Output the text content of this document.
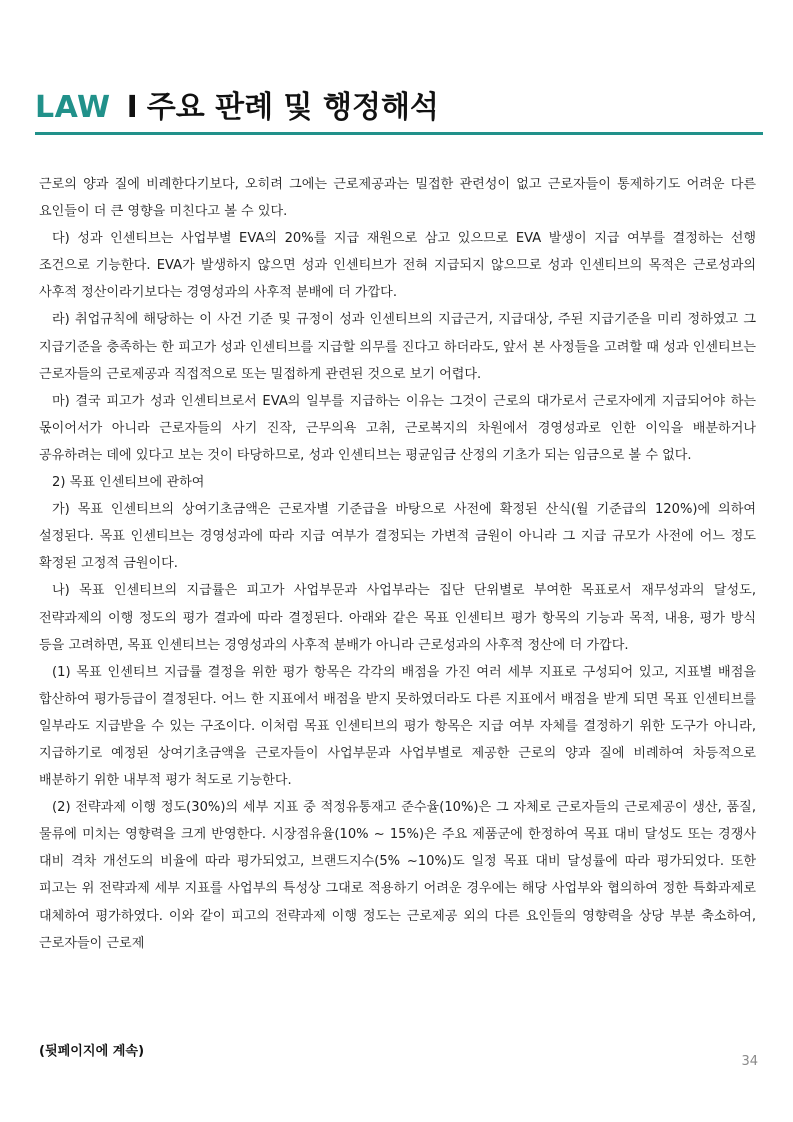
LAW I 주요 판례 및 행정해석

근로의 양과 질에 비례한다기보다, 오히려 그에는 근로제공과는 밀접한 관련성이 없고 근로자들이 통제하기도 어려운 다른 요인들이 더 큰 영향을 미친다고 볼 수 있다.

다) 성과 인센티브는 사업부별 EVA의 20%를 지급 재원으로 삼고 있으므로 EVA 발생이 지급 여부를 결정하는 선행 조건으로 기능한다. EVA가 발생하지 않으면 성과 인센티브가 전혀 지급되지 않으므로 성과 인센티브의 목적은 근로성과의 사후적 정산이라기보다는 경영성과의 사후적 분배에 더 가깝다.

라) 취업규칙에 해당하는 이 사건 기준 및 규정이 성과 인센티브의 지급근거, 지급대상, 주된 지급기준을 미리 정하였고 그 지급기준을 충족하는 한 피고가 성과 인센티브를 지급할 의무를 진다고 하더라도, 앞서 본 사정들을 고려할 때 성과 인센티브는 근로자들의 근로제공과 직접적으로 또는 밀접하게 관련된 것으로 보기 어렵다.

마) 결국 피고가 성과 인센티브로서 EVA의 일부를 지급하는 이유는 그것이 근로의 대가로서 근로자에게 지급되어야 하는 몫이어서가 아니라 근로자들의 사기 진작, 근무의욕 고취, 근로복지의 차원에서 경영성과로 인한 이익을 배분하거나 공유하려는 데에 있다고 보는 것이 타당하므로, 성과 인센티브는 평균임금 산정의 기초가 되는 임금으로 볼 수 없다.

2) 목표 인센티브에 관하여

가) 목표 인센티브의 상여기초금액은 근로자별 기준급을 바탕으로 사전에 확정된 산식(월 기준급의 120%)에 의하여 설정된다. 목표 인센티브는 경영성과에 따라 지급 여부가 결정되는 가변적 금원이 아니라 그 지급 규모가 사전에 어느 정도 확정된 고정적 금원이다.

나) 목표 인센티브의 지급률은 피고가 사업부문과 사업부라는 집단 단위별로 부여한 목표로서 재무성과의 달성도, 전략과제의 이행 정도의 평가 결과에 따라 결정된다. 아래와 같은 목표 인센티브 평가 항목의 기능과 목적, 내용, 평가 방식 등을 고려하면, 목표 인센티브는 경영성과의 사후적 분배가 아니라 근로성과의 사후적 정산에 더 가깝다.

(1) 목표 인센티브 지급률 결정을 위한 평가 항목은 각각의 배점을 가진 여러 세부 지표로 구성되어 있고, 지표별 배점을 합산하여 평가등급이 결정된다. 어느 한 지표에서 배점을 받지 못하였더라도 다른 지표에서 배점을 받게 되면 목표 인센티브를 일부라도 지급받을 수 있는 구조이다. 이처럼 목표 인센티브의 평가 항목은 지급 여부 자체를 결정하기 위한 도구가 아니라, 지급하기로 예정된 상여기초금액을 근로자들이 사업부문과 사업부별로 제공한 근로의 양과 질에 비례하여 차등적으로 배분하기 위한 내부적 평가 척도로 기능한다.

(2) 전략과제 이행 정도(30%)의 세부 지표 중 적정유통재고 준수율(10%)은 그 자체로 근로자들의 근로제공이 생산, 품질, 물류에 미치는 영향력을 크게 반영한다. 시장점유율(10% ~ 15%)은 주요 제품군에 한정하여 목표 대비 달성도 또는 경쟁사 대비 격차 개선도의 비율에 따라 평가되었고, 브랜드지수(5% ~10%)도 일정 목표 대비 달성률에 따라 평가되었다. 또한 피고는 위 전략과제 세부 지표를 사업부의 특성상 그대로 적용하기 어려운 경우에는 해당 사업부와 협의하여 정한 특화과제로 대체하여 평가하였다. 이와 같이 피고의 전략과제 이행 정도는 근로제공 외의 다른 요인들의 영향력을 상당 부분 축소하여, 근로자들이 근로제

(뒷페이지에 계속)

34
